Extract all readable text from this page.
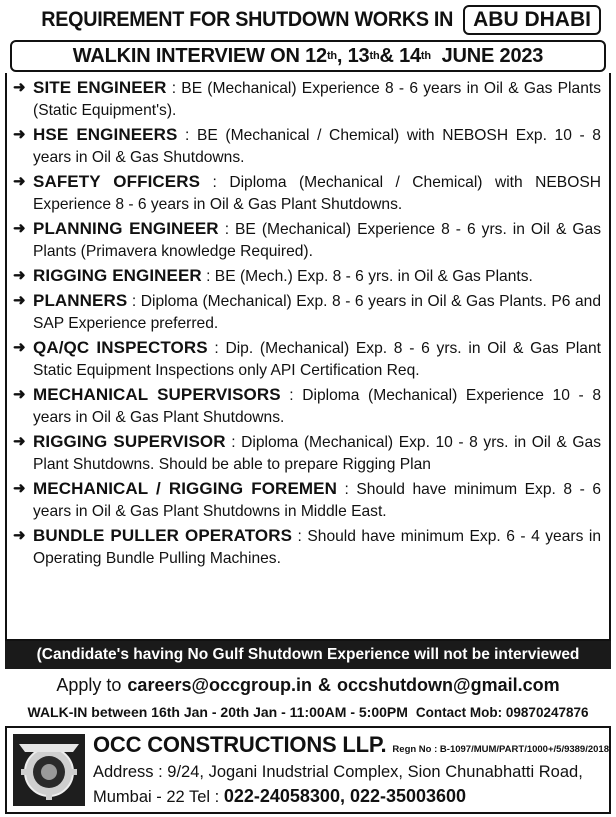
REQUIREMENT FOR SHUTDOWN WORKS IN ABU DHABI
WALKIN INTERVIEW ON 12 th , 13 th & 14 th JUNE 2023
➜ SITE ENGINEER : BE (Mechanical) Experience 8 - 6 years in Oil & Gas Plants (Static Equipment's).
➜ HSE ENGINEERS : BE (Mechanical / Chemical) with NEBOSH Exp. 10 - 8 years in Oil & Gas Shutdowns.
➜ SAFETY OFFICERS : Diploma (Mechanical / Chemical) with NEBOSH Experience 8 - 6 years in Oil & Gas Plant Shutdowns.
➜ PLANNING ENGINEER : BE (Mechanical) Experience 8 - 6 yrs. in Oil & Gas Plants (Primavera knowledge Required).
➜ RIGGING ENGINEER : BE (Mech.) Exp. 8 - 6 yrs. in Oil & Gas Plants.
➜ PLANNERS : Diploma (Mechanical) Exp. 8 - 6 years in Oil & Gas Plants. P6 and SAP Experience preferred.
➜ QA/QC INSPECTORS : Dip. (Mechanical) Exp. 8 - 6 yrs. in Oil & Gas Plant Static Equipment Inspections only API Certification Req.
➜ MECHANICAL SUPERVISORS : Diploma (Mechanical) Experience 10 - 8 years in Oil & Gas Plant Shutdowns.
➜ RIGGING SUPERVISOR : Diploma (Mechanical) Exp. 10 - 8 yrs. in Oil & Gas Plant Shutdowns. Should be able to prepare Rigging Plan
➜ MECHANICAL / RIGGING FOREMEN : Should have minimum Exp. 8 - 6 years in Oil & Gas Plant Shutdowns in Middle East.
➜ BUNDLE PULLER OPERATORS : Should have minimum Exp. 6 - 4 years in Operating Bundle Pulling Machines.
(Candidate's having No Gulf Shutdown Experience will not be interviewed
Apply to careers@occgroup.in & occshutdown@gmail.com
WALK-IN between 16th Jan - 20th Jan - 11:00AM - 5:00PM Contact Mob: 09870247876
OCC CONSTRUCTIONS LLP. Regn No : B-1097/MUM/PART/1000+/5/9389/2018
Address : 9/24, Jogani Inudstrial Complex, Sion Chunabhatti Road, Mumbai - 22 Tel : 022-24058300, 022-35003600
